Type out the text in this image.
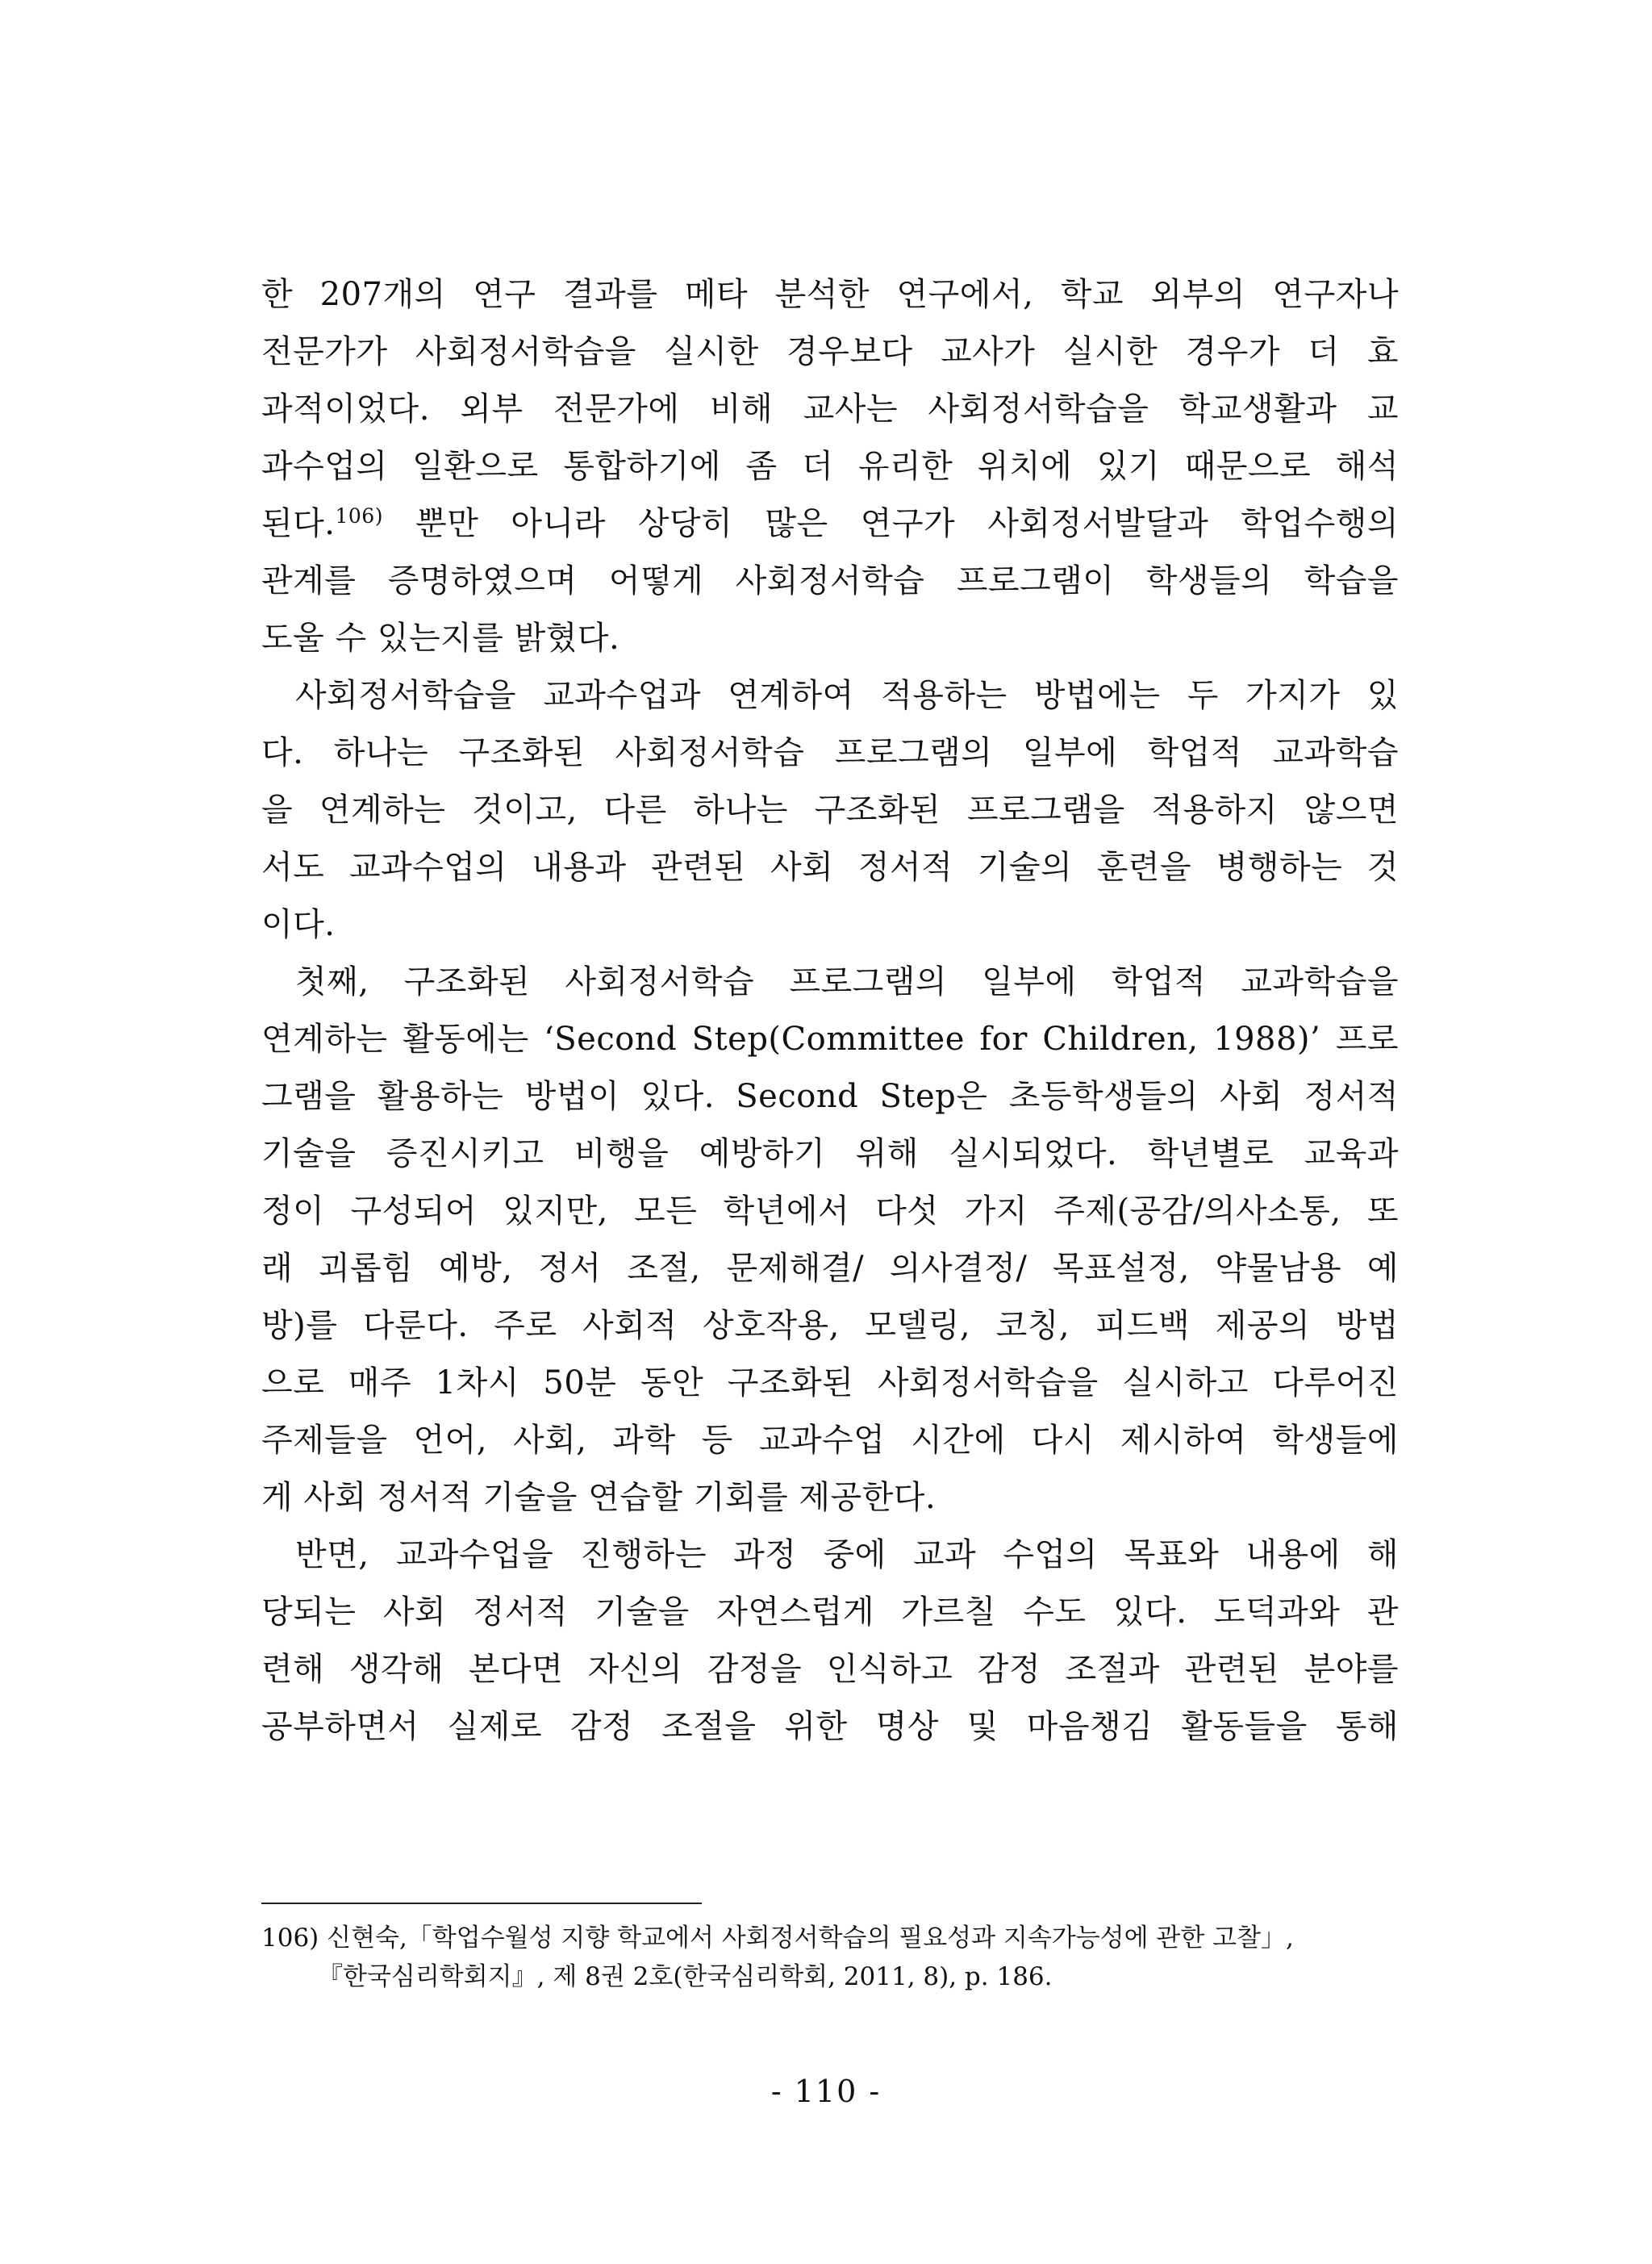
한 207개의 연구 결과를 메타 분석한 연구에서, 학교 외부의 연구자나
전문가가 사회정서학습을 실시한 경우보다 교사가 실시한 경우가 더 효
과적이었다. 외부 전문가에 비해 교사는 사회정서학습을 학교생활과 교
과수업의 일환으로 통합하기에 좀 더 유리한 위치에 있기 때문으로 해석
된다.$^{106)}$ 뿐만 아니라 상당히 많은 연구가 사회정서발달과 학업수행의
관계를 증명하였으며 어떻게 사회정서학습 프로그램이 학생들의 학습을
도울 수 있는지를 밝혔다.
사회정서학습을 교과수업과 연계하여 적용하는 방법에는 두 가지가 있
다. 하나는 구조화된 사회정서학습 프로그램의 일부에 학업적 교과학습
을 연계하는 것이고, 다른 하나는 구조화된 프로그램을 적용하지 않으면
서도 교과수업의 내용과 관련된 사회 정서적 기술의 훈련을 병행하는 것
이다.
첫째, 구조화된 사회정서학습 프로그램의 일부에 학업적 교과학습을
연계하는 활동에는 ‘Second Step(Committee for Children, 1988)’ 프로
그램을 활용하는 방법이 있다. Second Step은 초등학생들의 사회 정서적
기술을 증진시키고 비행을 예방하기 위해 실시되었다. 학년별로 교육과
정이 구성되어 있지만, 모든 학년에서 다섯 가지 주제(공감/의사소통, 또
래 괴롭힘 예방, 정서 조절, 문제해결/ 의사결정/ 목표설정, 약물남용 예
방)를 다룬다. 주로 사회적 상호작용, 모델링, 코칭, 피드백 제공의 방법
으로 매주 1차시 50분 동안 구조화된 사회정서학습을 실시하고 다루어진
주제들을 언어, 사회, 과학 등 교과수업 시간에 다시 제시하여 학생들에
게 사회 정서적 기술을 연습할 기회를 제공한다.
반면, 교과수업을 진행하는 과정 중에 교과 수업의 목표와 내용에 해
당되는 사회 정서적 기술을 자연스럽게 가르칠 수도 있다. 도덕과와 관
련해 생각해 본다면 자신의 감정을 인식하고 감정 조절과 관련된 분야를
공부하면서 실제로 감정 조절을 위한 명상 및 마음챙김 활동들을 통해
106) 신현숙,「학업수월성 지향 학교에서 사회정서학습의 필요성과 지속가능성에 관한 고찰」,
『한국심리학회지』, 제 8권 2호(한국심리학회, 2011, 8), p. 186.
- 110 -
